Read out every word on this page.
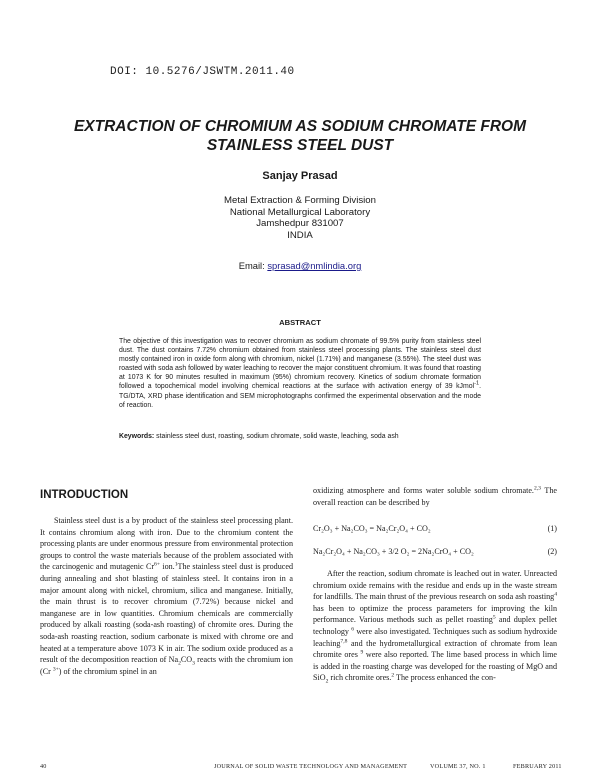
DOI: 10.5276/JSWTM.2011.40
EXTRACTION OF CHROMIUM AS SODIUM CHROMATE FROM
STAINLESS STEEL DUST
Sanjay Prasad
Metal Extraction & Forming Division
National Metallurgical Laboratory
Jamshedpur 831007
INDIA
Email: sprasad@nmlindia.org
ABSTRACT
The objective of this investigation was to recover chromium as sodium chromate of 99.5% purity from stainless steel dust. The dust contains 7.72% chromium obtained from stainless steel processing plants. The stainless steel dust mostly contained iron in oxide form along with chromium, nickel (1.71%) and manganese (3.55%). The steel dust was roasted with soda ash followed by water leaching to recover the major constituent chromium. It was found that roasting at 1073 K for 90 minutes resulted in maximum (95%) chromium recovery. Kinetics of sodium chromate formation followed a topochemical model involving chemical reactions at the surface with activation energy of 39 kJmol$^{-1}$. TG/DTA, XRD phase identification and SEM microphotographs confirmed the experimental observation and the mode of reaction.
Keywords: stainless steel dust, roasting, sodium chromate, solid waste, leaching, soda ash
INTRODUCTION

Stainless steel dust is a by product of the stainless steel processing plant. It contains chromium along with iron. Due to the chromium content the processing plants are under enormous pressure from environmental protection groups to control the waste materials because of the problem associated with the carcinogenic and mutagenic $Cr^{6+}$ ion.$^1$The stainless steel dust is produced during annealing and shot blasting of stainless steel. It contains iron in a major amount along with nickel, chromium, silica and manganese. Initially, the main thrust is to recover chromium (7.72%) because nickel and manganese are in low quantities. Chromium chemicals are commercially produced by alkali roasting (soda-ash roasting) of chromite ores. During the soda-ash roasting reaction, sodium carbonate is mixed with chrome ore and heated at a temperature above 1073 K in air. The sodium oxide produced as a result of the decomposition reaction of $Na_2CO_3$ reacts with the chromium ion (Cr $^{3+}$) of the chromium spinel in an

oxidizing atmosphere and forms water soluble sodium chromate.$^{2,3}$ The overall reaction can be described by

Cr₂O₃ + Na₂CO₃ = Na₂Cr₂O₄ + CO₂	(1)
Na₂Cr₂O₄ + Na₂CO₃ + 3/2 O₂ = 2Na₂CrO₄ + CO₂	(2)

After the reaction, sodium chromate is leached out in water. Unreacted chromium oxide remains with the residue and ends up in the waste stream for landfills. The main thrust of the previous research on soda ash roasting$^4$ has been to optimize the process parameters for improving the kiln performance. Various methods such as pellet roasting$^5$ and duplex pellet technology $^6$ were also investigated. Techniques such as sodium hydroxide leaching$^{7,8}$ and the hydrometallurgical extraction of chromate from lean chromite ores $^9$ were also reported. The lime based process in which lime is added in the roasting charge was developed for the roasting of MgO and SiO$_2$ rich chromite ores.$^2$ The process enhanced the con-

40	JOURNAL OF SOLID WASTE TECHNOLOGY AND MANAGEMENT	VOLUME 37, NO. 1	FEBRUARY 2011
